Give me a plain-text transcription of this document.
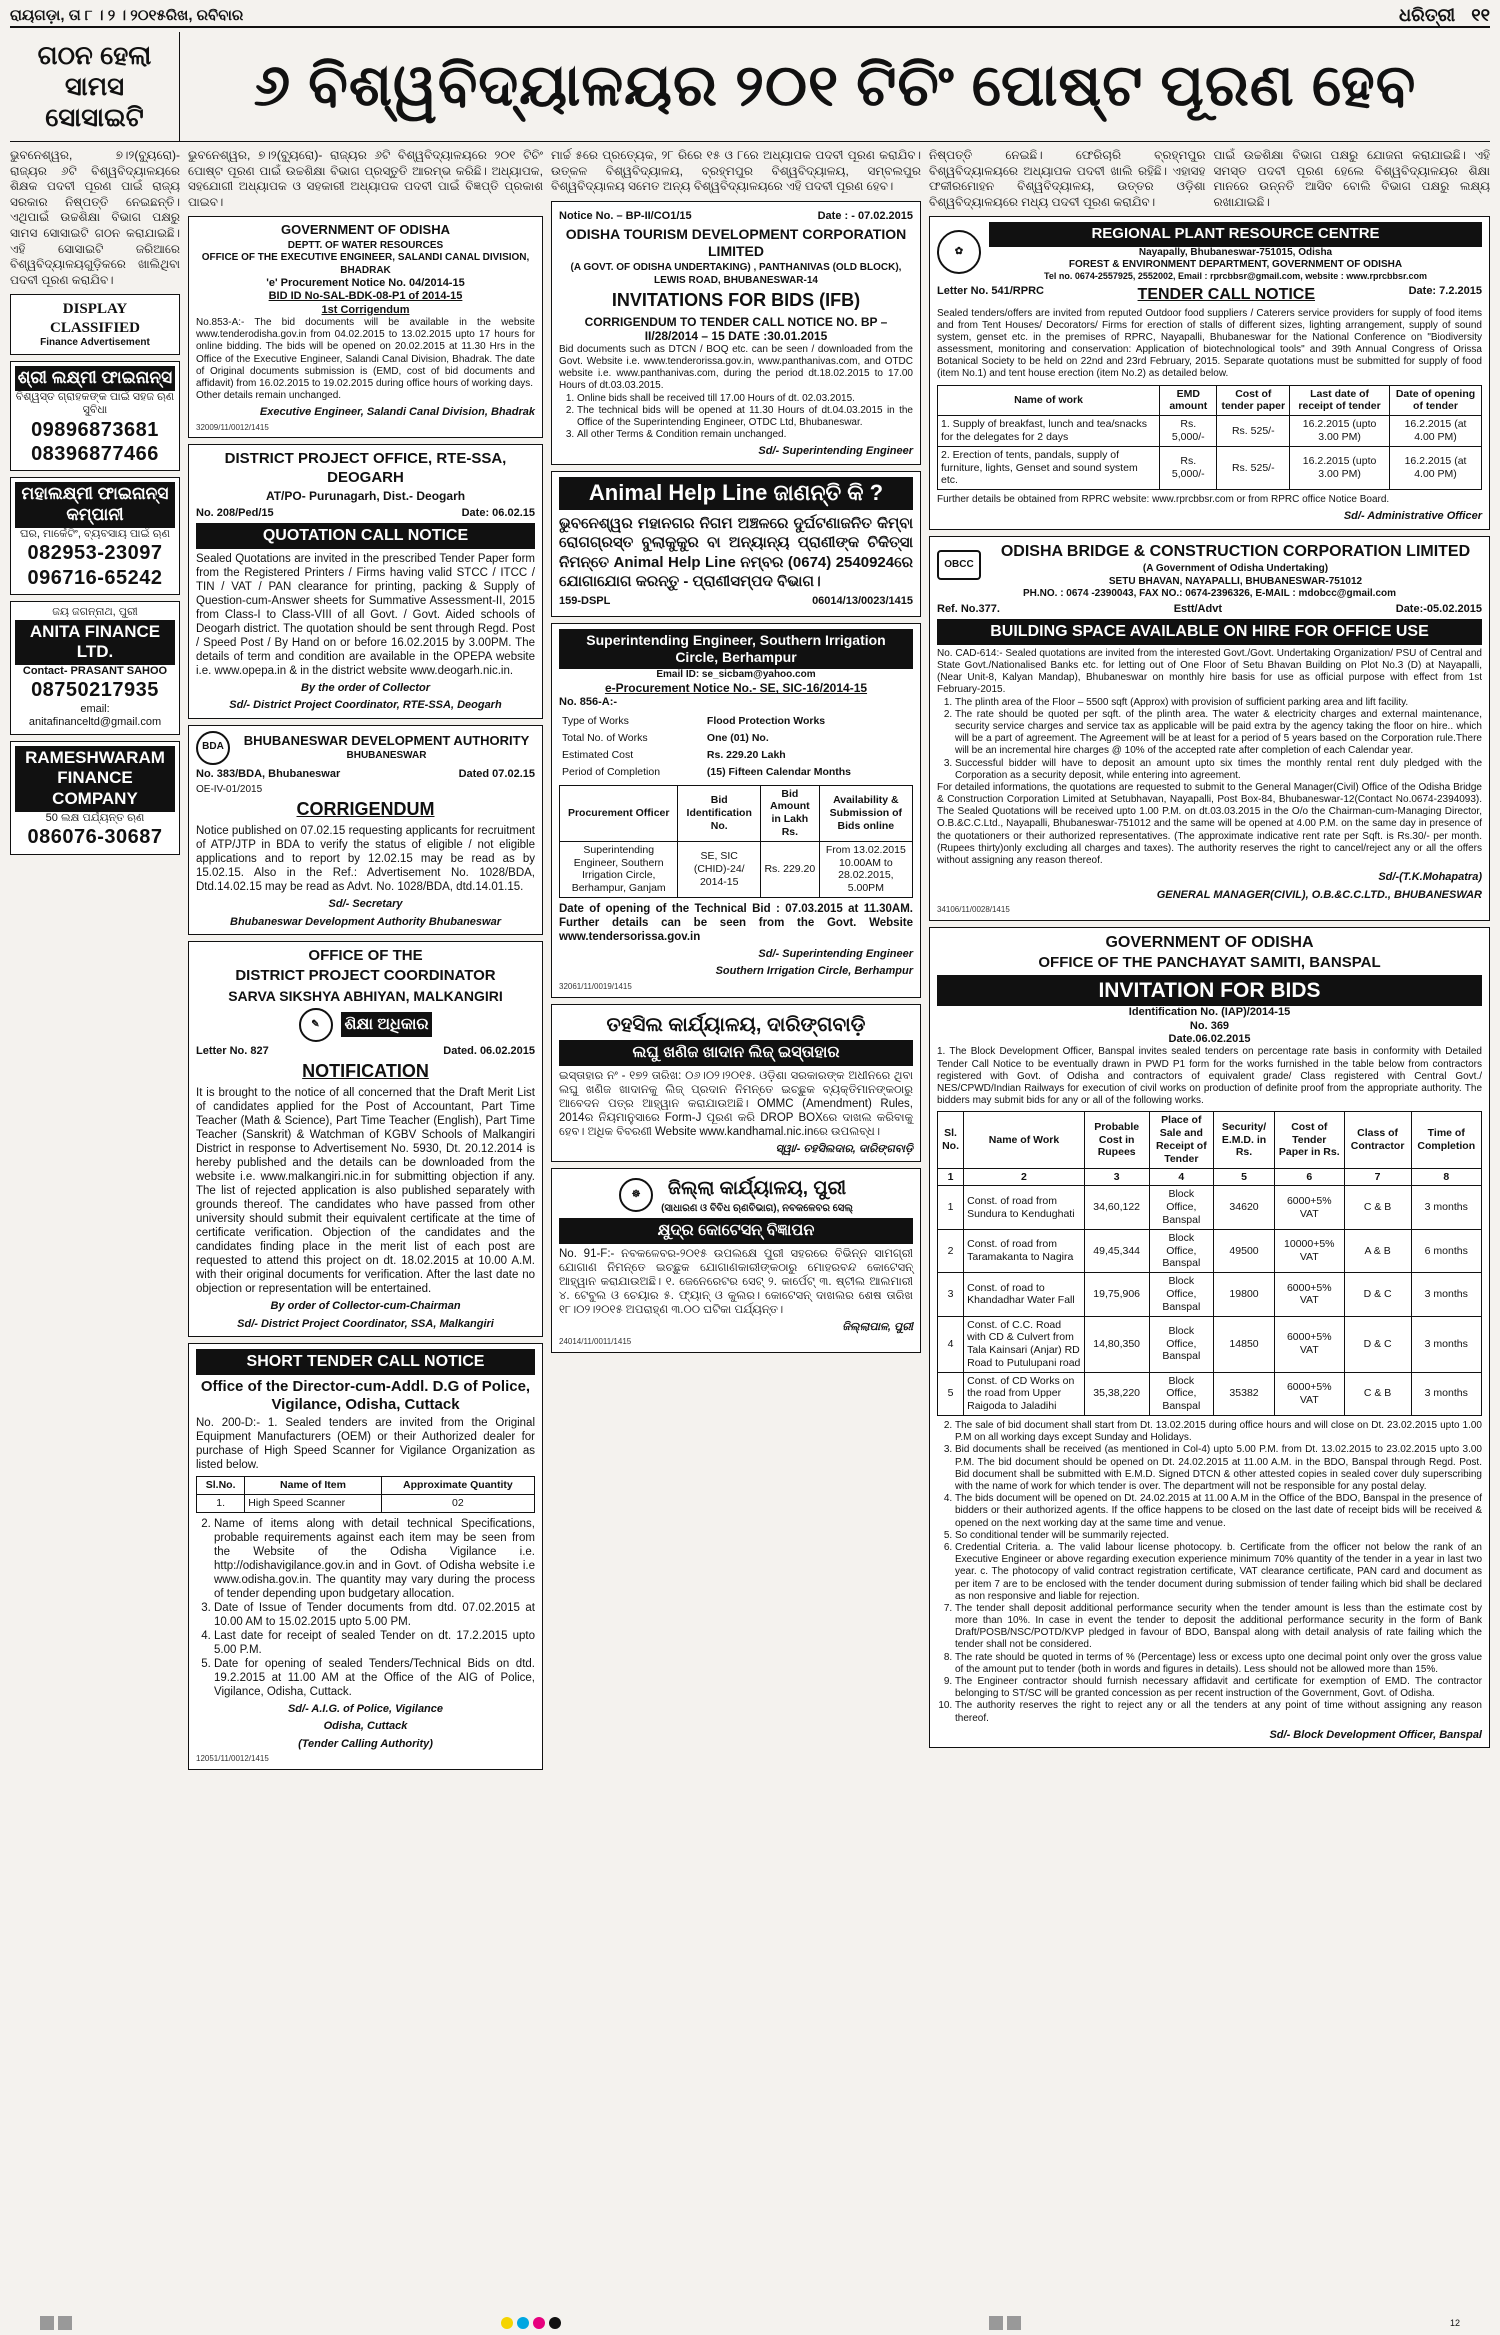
ରାୟଗଡ଼ା, ତା ୮ । ୨ । ୨୦୧୫ରିଖ, ରବିବାର	ଧରିତ୍ରୀ ୧୧
ଗଠନ ହେଲା ସାମସ ସୋସାଇଟି	୬ ବିଶ୍ୱବିଦ୍ୟାଳୟର ୨୦୧ ଟିଚିଂ ପୋଷ୍ଟ ପୂରଣ ହେବ
ଭୁବନେଶ୍ୱର, ୭।୨(ବ୍ୟୁରୋ)- ରାଜ୍ୟର ୬ଟି ବିଶ୍ୱବିଦ୍ୟାଳୟରେ ଶିକ୍ଷକ ପଦବୀ ପୂରଣ ପାଇଁ ରାଜ୍ୟ ସରକାର ନିଷ୍ପତ୍ତି ନେଇଛନ୍ତି। ଏଥିପାଇଁ ଉଚ୍ଚଶିକ୍ଷା ବିଭାଗ ପକ୍ଷରୁ ସାମସ ସୋସାଇଟି ଗଠନ କରାଯାଇଛି। ଏହି ସୋସାଇଟି ଜରିଆରେ ବିଶ୍ୱବିଦ୍ୟାଳୟଗୁଡ଼ିକରେ ଖାଲିଥିବା ପଦବୀ ପୂରଣ କରାଯିବ।
DISPLAY CLASSIFIED
Finance Advertisement
ଶ୍ରୀ ଲକ୍ଷ୍ମୀ ଫାଇନାନ୍ସ
ବିଶ୍ୱସ୍ତ ଗ୍ରାହକଙ୍କ ପାଇଁ ସହଜ ଋଣ ସୁବିଧା
09896873681
08396877466
ମହାଲକ୍ଷ୍ମୀ ଫାଇନାନ୍ସ କମ୍ପାନୀ
ଘର, ମାର୍କେଟିଂ, ବ୍ୟବସାୟ ପାଇଁ ଋଣ
082953-23097
096716-65242
ଜୟ ଜଗନ୍ନାଥ, ପୁରୀ
ANITA FINANCE LTD.
Contact- PRASANT SAHOO
08750217935
email: anitafinanceltd@gmail.com
RAMESHWARAM FINANCE COMPANY
50 ଲକ୍ଷ ପର୍ଯ୍ୟନ୍ତ ଋଣ
086076-30687
ଭୁବନେଶ୍ୱର, ୭।୨(ବ୍ୟୁରୋ)- ରାଜ୍ୟର ୬ଟି ବିଶ୍ୱବିଦ୍ୟାଳୟରେ ୨୦୧ ଟିଚିଂ ପୋଷ୍ଟ ପୂରଣ ପାଇଁ ଉଚ୍ଚଶିକ୍ଷା ବିଭାଗ ପ୍ରସ୍ତୁତି ଆରମ୍ଭ କରିଛି। ଅଧ୍ୟାପକ, ସହଯୋଗୀ ଅଧ୍ୟାପକ ଓ ସହକାରୀ ଅଧ୍ୟାପକ ପଦବୀ ପାଇଁ ବିଜ୍ଞପ୍ତି ପ୍ରକାଶ ପାଇବ।
GOVERNMENT OF ODISHA
DEPTT. OF WATER RESOURCES
OFFICE OF THE EXECUTIVE ENGINEER, SALANDI CANAL DIVISION, BHADRAK
'e' Procurement Notice No. 04/2014-15
BID ID No-SAL-BDK-08-P1 of 2014-15
1st Corrigendum
No.853-A:- The bid documents will be available in the website www.tenderodisha.gov.in from 04.02.2015 to 13.02.2015 upto 17 hours for online bidding. The bids will be opened on 20.02.2015 at 11.30 Hrs in the Office of the Executive Engineer, Salandi Canal Division, Bhadrak. The date of Original documents submission is (EMD, cost of bid documents and affidavit) from 16.02.2015 to 19.02.2015 during office hours of working days.
Other details remain unchanged.
Executive Engineer, Salandi Canal Division, Bhadrak
32009/11/0012/1415
DISTRICT PROJECT OFFICE, RTE-SSA, DEOGARH
AT/PO- Purunagarh, Dist.- Deogarh
No. 208/Ped/15	Date: 06.02.15
QUOTATION CALL NOTICE
Sealed Quotations are invited in the prescribed Tender Paper form from the Registered Printers / Firms having valid STCC / ITCC / TIN / VAT / PAN clearance for printing, packing & Supply of Question-cum-Answer sheets for Summative Assessment-II, 2015 from Class-I to Class-VIII of all Govt. / Govt. Aided schools of Deogarh district. The quotation should be sent through Regd. Post / Speed Post / By Hand on or before 16.02.2015 by 3.00PM. The details of term and condition are available in the OPEPA website i.e. www.opepa.in & in the district website www.deogarh.nic.in.
By the order of Collector
Sd/- District Project Coordinator, RTE-SSA, Deogarh
BDA	BHUBANESWAR DEVELOPMENT AUTHORITY
BHUBANESWAR
No. 383/BDA, Bhubaneswar	Dated 07.02.15
OE-IV-01/2015
CORRIGENDUM
Notice published on 07.02.15 requesting applicants for recruitment of ATP/JTP in BDA to verify the status of eligible / not eligible applications and to report by 12.02.15 may be read as by 15.02.15. Also in the Ref.: Advertisement No. 1028/BDA, Dtd.14.02.15 may be read as Advt. No. 1028/BDA, dtd.14.01.15.
Sd/- Secretary
Bhubaneswar Development Authority Bhubaneswar
OFFICE OF THE
DISTRICT PROJECT COORDINATOR
SARVA SIKSHYA ABHIYAN, MALKANGIRI
✎	ଶିକ୍ଷା ଅଧିକାର
Letter No. 827	Dated. 06.02.2015
NOTIFICATION
It is brought to the notice of all concerned that the Draft Merit List of candidates applied for the Post of Accountant, Part Time Teacher (Math & Science), Part Time Teacher (English), Part Time Teacher (Sanskrit) & Watchman of KGBV Schools of Malkangiri District in response to Advertisement No. 5930, Dt. 20.12.2014 is hereby published and the details can be downloaded from the website i.e. www.malkangiri.nic.in for submitting objection if any. The list of rejected application is also published separately with grounds thereof. The candidates who have passed from other university should submit their equivalent certificate at the time of certificate verification. Objection of the candidates and the candidates finding place in the merit list of each post are requested to attend this project on dt. 18.02.2015 at 10.00 A.M. with their original documents for verification. After the last date no objection or representation will be entertained.
By order of Collector-cum-Chairman
Sd/- District Project Coordinator, SSA, Malkangiri
SHORT TENDER CALL NOTICE
Office of the Director-cum-Addl. D.G of Police, Vigilance, Odisha, Cuttack
No. 200-D:- 1. Sealed tenders are invited from the Original Equipment Manufacturers (OEM) or their Authorized dealer for purchase of High Speed Scanner for Vigilance Organization as listed below.
Sl.No.	Name of Item	Approximate Quantity
1.	High Speed Scanner	02
2. Name of items along with detail technical Specifications, probable requirements against each item may be seen from the Website of the Odisha Vigilance i.e. http://odishavigilance.gov.in and in Govt. of Odisha website i.e www.odisha.gov.in. The quantity may vary during the process of tender depending upon budgetary allocation.
3. Date of Issue of Tender documents from dtd. 07.02.2015 at 10.00 AM to 15.02.2015 upto 5.00 PM.
4. Last date for receipt of sealed Tender on dt. 17.2.2015 upto 5.00 P.M.
5. Date for opening of sealed Tenders/Technical Bids on dtd. 19.2.2015 at 11.00 AM at the Office of the AIG of Police, Vigilance, Odisha, Cuttack.
Sd/- A.I.G. of Police, Vigilance
Odisha, Cuttack
(Tender Calling Authority)
12051/11/0012/1415
ମାର୍ଚ୍ଚ ୫ରେ ପ୍ରତ୍ୟେକ, ୨୮ ରିରେ ୧୫ ଓ ୮ରେ ଅଧ୍ୟାପକ ପଦବୀ ପୂରଣ କରାଯିବ। ଉତ୍କଳ ବିଶ୍ୱବିଦ୍ୟାଳୟ, ବ୍ରହ୍ମପୁର ବିଶ୍ୱବିଦ୍ୟାଳୟ, ସମ୍ବଲପୁର ବିଶ୍ୱବିଦ୍ୟାଳୟ ସମେତ ଅନ୍ୟ ବିଶ୍ୱବିଦ୍ୟାଳୟରେ ଏହି ପଦବୀ ପୂରଣ ହେବ।
Notice No. – BP-II/CO1/15	Date : - 07.02.2015
ODISHA TOURISM DEVELOPMENT CORPORATION LIMITED
(A GOVT. OF ODISHA UNDERTAKING) , PANTHANIVAS (OLD BLOCK), LEWIS ROAD, BHUBANESWAR-14
INVITATIONS FOR BIDS (IFB)
CORRIGENDUM TO TENDER CALL NOTICE NO. BP –II/28/2014 – 15 DATE :30.01.2015
Bid documents such as DTCN / BOQ etc. can be seen / downloaded from the Govt. Website i.e. www.tenderorissa.gov.in, www.panthanivas.com, and OTDC website i.e. www.panthanivas.com, during the period dt.18.02.2015 to 17.00 Hours of dt.03.03.2015.
1. Online bids shall be received till 17.00 Hours of dt. 02.03.2015.
2. The technical bids will be opened at 11.30 Hours of dt.04.03.2015 in the Office of the Superintending Engineer, OTDC Ltd, Bhubaneswar.
3. All other Terms & Condition remain unchanged.
Sd/- Superintending Engineer
Animal Help Line ଜାଣନ୍ତି କି ?
ଭୁବନେଶ୍ୱର ମହାନଗର ନିଗମ ଅଞ୍ଚଳରେ ଦୁର୍ଘଟଣାଜନିତ କିମ୍ବା ରୋଗଗ୍ରସ୍ତ ବୁଲାକୁକୁର ବା ଅନ୍ୟାନ୍ୟ ପ୍ରାଣୀଙ୍କ ଚିକିତ୍ସା ନିମନ୍ତେ Animal Help Line ନମ୍ବର (0674) 2540924ରେ ଯୋଗାଯୋଗ କରନ୍ତୁ - ପ୍ରାଣୀସମ୍ପଦ ବିଭାଗ।
159-DSPL	06014/13/0023/1415
Superintending Engineer, Southern Irrigation Circle, Berhampur
Email ID: se_sicbam@yahoo.com
e-Procurement Notice No.- SE, SIC-16/2014-15
No. 856-A:-
Type of Works	Flood Protection Works
Total No. of Works	One (01) No.
Estimated Cost	Rs. 229.20 Lakh
Period of Completion	(15) Fifteen Calendar Months
Procurement Officer	Bid Identification No.	Bid Amount in Lakh Rs.	Availability & Submission of Bids online
Superintending Engineer, Southern Irrigation Circle, Berhampur, Ganjam	SE, SIC (CHID)-24/ 2014-15	Rs. 229.20	From 13.02.2015 10.00AM to 28.02.2015, 5.00PM
Date of opening of the Technical Bid : 07.03.2015 at 11.30AM. Further details can be seen from the Govt. Website www.tendersorissa.gov.in
Sd/- Superintending Engineer
Southern Irrigation Circle, Berhampur
32061/11/0019/1415
ତହସିଲ କାର୍ଯ୍ୟାଳୟ, ଦାରିଙ୍ଗବାଡ଼ି
ଲଘୁ ଖଣିଜ ଖାଦାନ ଲିଜ୍ ଇସ୍ତାହାର
ଇସ୍ତାହାର ନଂ - ୧୭୨ ତାରିଖ: ୦୬।୦୨।୨୦୧୫. ଓଡ଼ିଶା ସରକାରଙ୍କ ଅଧୀନରେ ଥିବା ଲଘୁ ଖଣିଜ ଖାଦାନକୁ ଲିଜ୍ ପ୍ରଦାନ ନିମନ୍ତେ ଇଚ୍ଛୁକ ବ୍ୟକ୍ତିମାନଙ୍କଠାରୁ ଆବେଦନ ପତ୍ର ଆହ୍ୱାନ କରାଯାଉଅଛି। OMMC (Amendment) Rules, 2014ର ନିୟମାନୁସାରେ Form-J ପୂରଣ କରି DROP BOXରେ ଦାଖଲ କରିବାକୁ ହେବ। ଅଧିକ ବିବରଣୀ Website www.kandhamal.nic.inରେ ଉପଲବ୍ଧ।
ସ୍ୱା/- ତହସିଲଦାର, ଦାରିଙ୍ଗବାଡ଼ି
☸	ଜିଲ୍ଲା କାର୍ଯ୍ୟାଳୟ, ପୁରୀ
(ସାଧାରଣ ଓ ବିବିଧ ଋଣବିଭାଗ), ନବକଳେବର ସେଲ୍
କ୍ଷୁଦ୍ର କୋଟେସନ୍ ବିଜ୍ଞାପନ
No. 91-F:- ନବକଳେବର-୨୦୧୫ ଉପଲକ୍ଷେ ପୁରୀ ସହରରେ ବିଭିନ୍ନ ସାମଗ୍ରୀ ଯୋଗାଣ ନିମନ୍ତେ ଇଚ୍ଛୁକ ଯୋଗାଣକାରୀଙ୍କଠାରୁ ମୋହରବନ୍ଦ କୋଟେସନ୍ ଆହ୍ୱାନ କରାଯାଉଅଛି। ୧. ଜେନେରେଟର ସେଟ୍ ୨. କାର୍ପେଟ୍ ୩. ଷ୍ଟୀଲ ଆଲମାରୀ ୪. ଟେବୁଲ ଓ ଚେୟାର ୫. ଫ୍ୟାନ୍ ଓ କୁଲର। କୋଟେସନ୍ ଦାଖଲର ଶେଷ ତାରିଖ ୧୮।୦୨।୨୦୧୫ ଅପରାହ୍ଣ ୩.୦୦ ଘଟିକା ପର୍ଯ୍ୟନ୍ତ।
ଜିଲ୍ଲାପାଳ, ପୁରୀ
24014/11/0011/1415
ନିଷ୍ପତ୍ତି ନେଇଛି। ଫେରିଚାରି ବ୍ରହ୍ମପୁର ବିଶ୍ୱବିଦ୍ୟାଳୟରେ ଅଧ୍ୟାପକ ପଦବୀ ଖାଲି ରହିଛି। ଏହାସହ ଫକୀରମୋହନ ବିଶ୍ୱବିଦ୍ୟାଳୟ, ଉତ୍ତର ଓଡ଼ିଶା ବିଶ୍ୱବିଦ୍ୟାଳୟରେ ମଧ୍ୟ ପଦବୀ ପୂରଣ କରାଯିବ।
ପାଇଁ ଉଚ୍ଚଶିକ୍ଷା ବିଭାଗ ପକ୍ଷରୁ ଯୋଜନା କରାଯାଇଛି। ଏହି ସମସ୍ତ ପଦବୀ ପୂରଣ ହେଲେ ବିଶ୍ୱବିଦ୍ୟାଳୟର ଶିକ୍ଷା ମାନରେ ଉନ୍ନତି ଆସିବ ବୋଲି ବିଭାଗ ପକ୍ଷରୁ ଲକ୍ଷ୍ୟ ରଖାଯାଇଛି।
✿
REGIONAL PLANT RESOURCE CENTRE
Nayapally, Bhubaneswar-751015, Odisha
FOREST & ENVIRONMENT DEPARTMENT, GOVERNMENT OF ODISHA
Tel no. 0674-2557925, 2552002, Email : rprcbbsr@gmail.com, website : www.rprcbbsr.com
Letter No. 541/RPRC	TENDER CALL NOTICE	Date: 7.2.2015
Sealed tenders/offers are invited from reputed Outdoor food suppliers / Caterers service providers for supply of food items and from Tent Houses/ Decorators/ Firms for erection of stalls of different sizes, lighting arrangement, supply of sound system, genset etc. in the premises of RPRC, Nayapalli, Bhubaneswar for the National Conference on "Biodiversity assessment, monitoring and conservation: Application of biotechnological tools" and 39th Annual Congress of Orissa Botanical Society to be held on 22nd and 23rd February, 2015. Separate quotations must be submitted for supply of food (item No.1) and tent house erection (item No.2) as detailed below.
Name of work	EMD amount	Cost of tender paper	Last date of receipt of tender	Date of opening of tender
1. Supply of breakfast, lunch and tea/snacks for the delegates for 2 days	Rs. 5,000/-	Rs. 525/-	16.2.2015 (upto 3.00 PM)	16.2.2015 (at 4.00 PM)
2. Erection of tents, pandals, supply of furniture, lights, Genset and sound system etc.	Rs. 5,000/-	Rs. 525/-	16.2.2015 (upto 3.00 PM)	16.2.2015 (at 4.00 PM)
Further details be obtained from RPRC website: www.rprcbbsr.com or from RPRC office Notice Board.
Sd/- Administrative Officer
OBCC
ODISHA BRIDGE & CONSTRUCTION CORPORATION LIMITED
(A Government of Odisha Undertaking)
SETU BHAVAN, NAYAPALLI, BHUBANESWAR-751012
PH.NO. : 0674 -2390043, FAX NO.: 0674-2396326, E-MAIL : mdobcc@gmail.com
Ref. No.377.	Estt/Advt	Date:-05.02.2015
BUILDING SPACE AVAILABLE ON HIRE FOR OFFICE USE
No. CAD-614:- Sealed quotations are invited from the interested Govt./Govt. Undertaking Organization/ PSU of Central and State Govt./Nationalised Banks etc. for letting out of One Floor of Setu Bhavan Building on Plot No.3 (D) at Nayapalli, (Near Unit-8, Kalyan Mandap), Bhubaneswar on monthly hire basis for use as official purpose with effect from 1st February-2015.
1. The plinth area of the Floor – 5500 sqft (Approx) with provision of sufficient parking area and lift facility.
2. The rate should be quoted per sqft. of the plinth area. The water & electricity charges and external maintenance, security service charges and service tax as applicable will be paid extra by the agency taking the floor on hire.. which will be a part of agreement. The Agreement will be at least for a period of 5 years based on the Corporation rule.There will be an incremental hire charges @ 10% of the accepted rate after completion of each Calendar year.
3. Successful bidder will have to deposit an amount upto six times the monthly rental rent duly pledged with the Corporation as a security deposit, while entering into agreement.
For detailed informations, the quotations are requested to submit to the General Manager(Civil) Office of the Odisha Bridge & Construction Corporation Limited at Setubhavan, Nayapalli, Post Box-84, Bhubaneswar-12(Contact No.0674-2394093). The Sealed Quotations will be received upto 1.00 P.M. on dt.03.03.2015 in the O/o the Chairman-cum-Managing Director, O.B.&C.C.Ltd., Nayapalli, Bhubaneswar-751012 and the same will be opened at 4.00 P.M. on the same day in presence of the quotationers or their authorized representatives. (The approximate indicative rent rate per Sqft. is Rs.30/- per month. (Rupees thirty)only excluding all charges and taxes). The authority reserves the right to cancel/reject any or all the offers without assigning any reason thereof.
Sd/-(T.K.Mohapatra)
GENERAL MANAGER(CIVIL), O.B.&C.C.LTD., BHUBANESWAR
34106/11/0028/1415
GOVERNMENT OF ODISHA
OFFICE OF THE PANCHAYAT SAMITI, BANSPAL
INVITATION FOR BIDS
Identification No. (IAP)/2014-15
No. 369
Date.06.02.2015
1. The Block Development Officer, Banspal invites sealed tenders on percentage rate basis in conformity with Detailed Tender Call Notice to be eventually drawn in PWD P1 form for the works furnished in the table below from contractors registered with Govt. of Odisha and contractors of equivalent grade/ Class registered with Central Govt./ NES/CPWD/Indian Railways for execution of civil works on production of definite proof from the appropriate authority. The bidders may submit bids for any or all of the following works.
Sl. No.	Name of Work	Probable Cost in Rupees	Place of Sale and Receipt of Tender	Security/ E.M.D. in Rs.	Cost of Tender Paper in Rs.	Class of Contractor	Time of Completion
1	2	3	4	5	6	7	8
1	Const. of road from Sundura to Kendughati	34,60,122	Block Office, Banspal	34620	6000+5% VAT	C & B	3 months
2	Const. of road from Taramakanta to Nagira	49,45,344	Block Office, Banspal	49500	10000+5% VAT	A & B	6 months
3	Const. of road to Khandadhar Water Fall	19,75,906	Block Office, Banspal	19800	6000+5% VAT	D & C	3 months
4	Const. of C.C. Road with CD & Culvert from Tala Kainsari (Anjar) RD Road to Putulupani road	14,80,350	Block Office, Banspal	14850	6000+5% VAT	D & C	3 months
5	Const. of CD Works on the road from Upper Raigoda to Jaladihi	35,38,220	Block Office, Banspal	35382	6000+5% VAT	C & B	3 months
2. The sale of bid document shall start from Dt. 13.02.2015 during office hours and will close on Dt. 23.02.2015 upto 1.00 P.M on all working days except Sunday and Holidays.
3. Bid documents shall be received (as mentioned in Col-4) upto 5.00 P.M. from Dt. 13.02.2015 to 23.02.2015 upto 3.00 P.M. The bid document should be opened on Dt. 24.02.2015 at 11.00 A.M. in the BDO, Banspal through Regd. Post. Bid document shall be submitted with E.M.D. Signed DTCN & other attested copies in sealed cover duly superscribing with the name of work for which tender is over. The department will not be responsible for any postal delay.
4. The bids document will be opened on Dt. 24.02.2015 at 11.00 A.M in the Office of the BDO, Banspal in the presence of bidders or their authorized agents. If the office happens to be closed on the last date of receipt bids will be received & opened on the next working day at the same time and venue.
5. So conditional tender will be summarily rejected.
6. Credential Criteria. a. The valid labour license photocopy. b. Certificate from the officer not below the rank of an Executive Engineer or above regarding execution experience minimum 70% quantity of the tender in a year in last two year. c. The photocopy of valid contract registration certificate, VAT clearance certificate, PAN card and document as per item 7 are to be enclosed with the tender document during submission of tender failing which bid shall be declared as non responsive and liable for rejection.
7. The tender shall deposit additional performance security when the tender amount is less than the estimate cost by more than 10%. In case in event the tender to deposit the additional performance security in the form of Bank Draft/POSB/NSC/POTD/KVP pledged in favour of BDO, Banspal along with detail analysis of rate failing which the tender shall not be considered.
8. The rate should be quoted in terms of % (Percentage) less or excess upto one decimal point only over the gross value of the amount put to tender (both in words and figures in details). Less should not be allowed more than 15%.
9. The Engineer contractor should furnish necessary affidavit and certificate for exemption of EMD. The contractor belonging to ST/SC will be granted concession as per recent instruction of the Government, Govt. of Odisha.
10. The authority reserves the right to reject any or all the tenders at any point of time without assigning any reason thereof.
Sd/- Block Development Officer, Banspal
12
